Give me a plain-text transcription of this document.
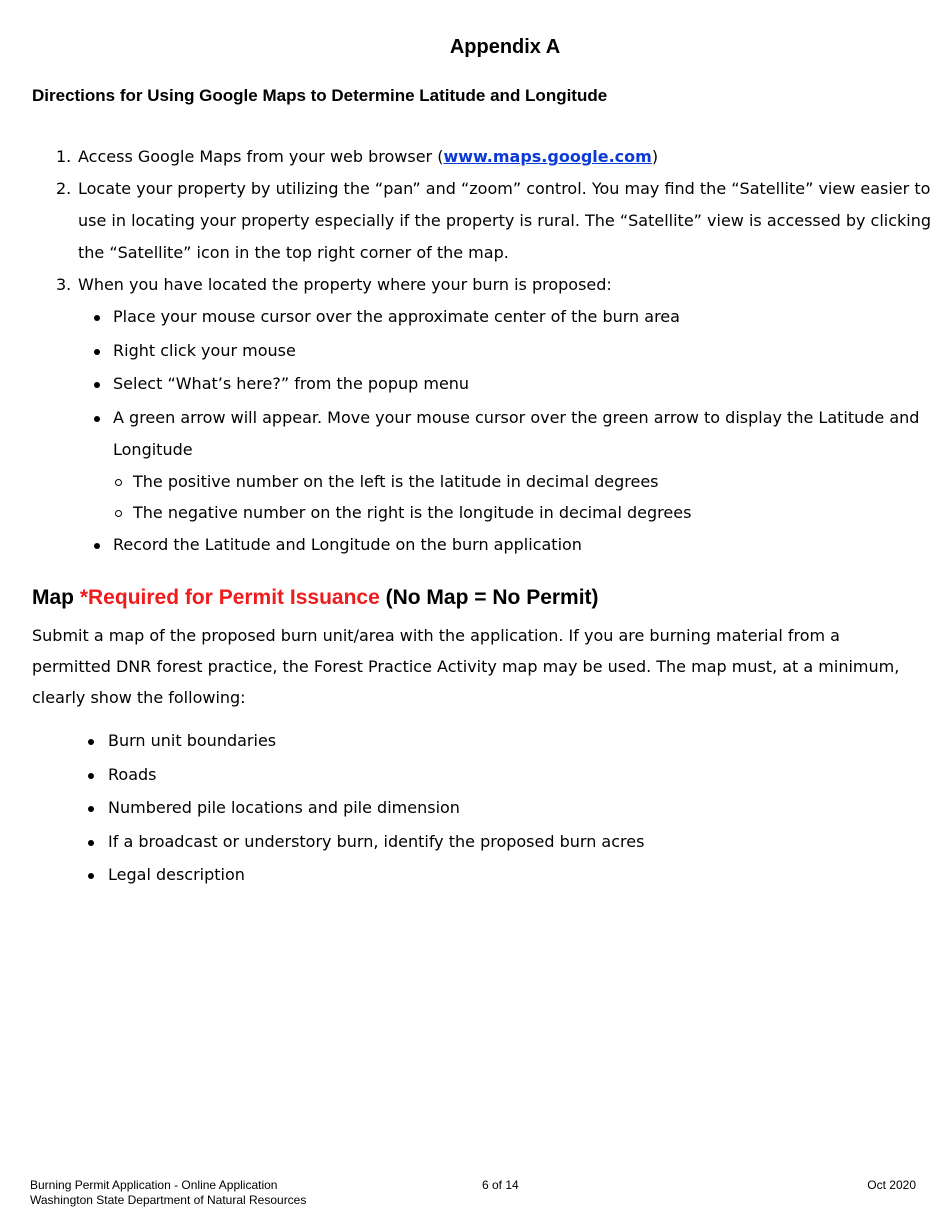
Appendix A
Directions for Using Google Maps to Determine Latitude and Longitude
1. Access Google Maps from your web browser (www.maps.google.com)
2. Locate your property by utilizing the “pan” and “zoom” control. You may find the “Satellite” view easier to use in locating your property especially if the property is rural. The “Satellite” view is accessed by clicking the “Satellite” icon in the top right corner of the map.
3. When you have located the property where your burn is proposed:
Place your mouse cursor over the approximate center of the burn area
Right click your mouse
Select “What’s here?” from the popup menu
A green arrow will appear. Move your mouse cursor over the green arrow to display the Latitude and Longitude
The positive number on the left is the latitude in decimal degrees
The negative number on the right is the longitude in decimal degrees
Record the Latitude and Longitude on the burn application
Map *Required for Permit Issuance (No Map = No Permit)

Submit a map of the proposed burn unit/area with the application. If you are burning material from a permitted DNR forest practice, the Forest Practice Activity map may be used. The map must, at a minimum, clearly show the following:

Burn unit boundaries
Roads
Numbered pile locations and pile dimension
If a broadcast or understory burn, identify the proposed burn acres
Legal description
Burning Permit Application - Online Application
Washington State Department of Natural Resources
6 of 14	Oct 2020
